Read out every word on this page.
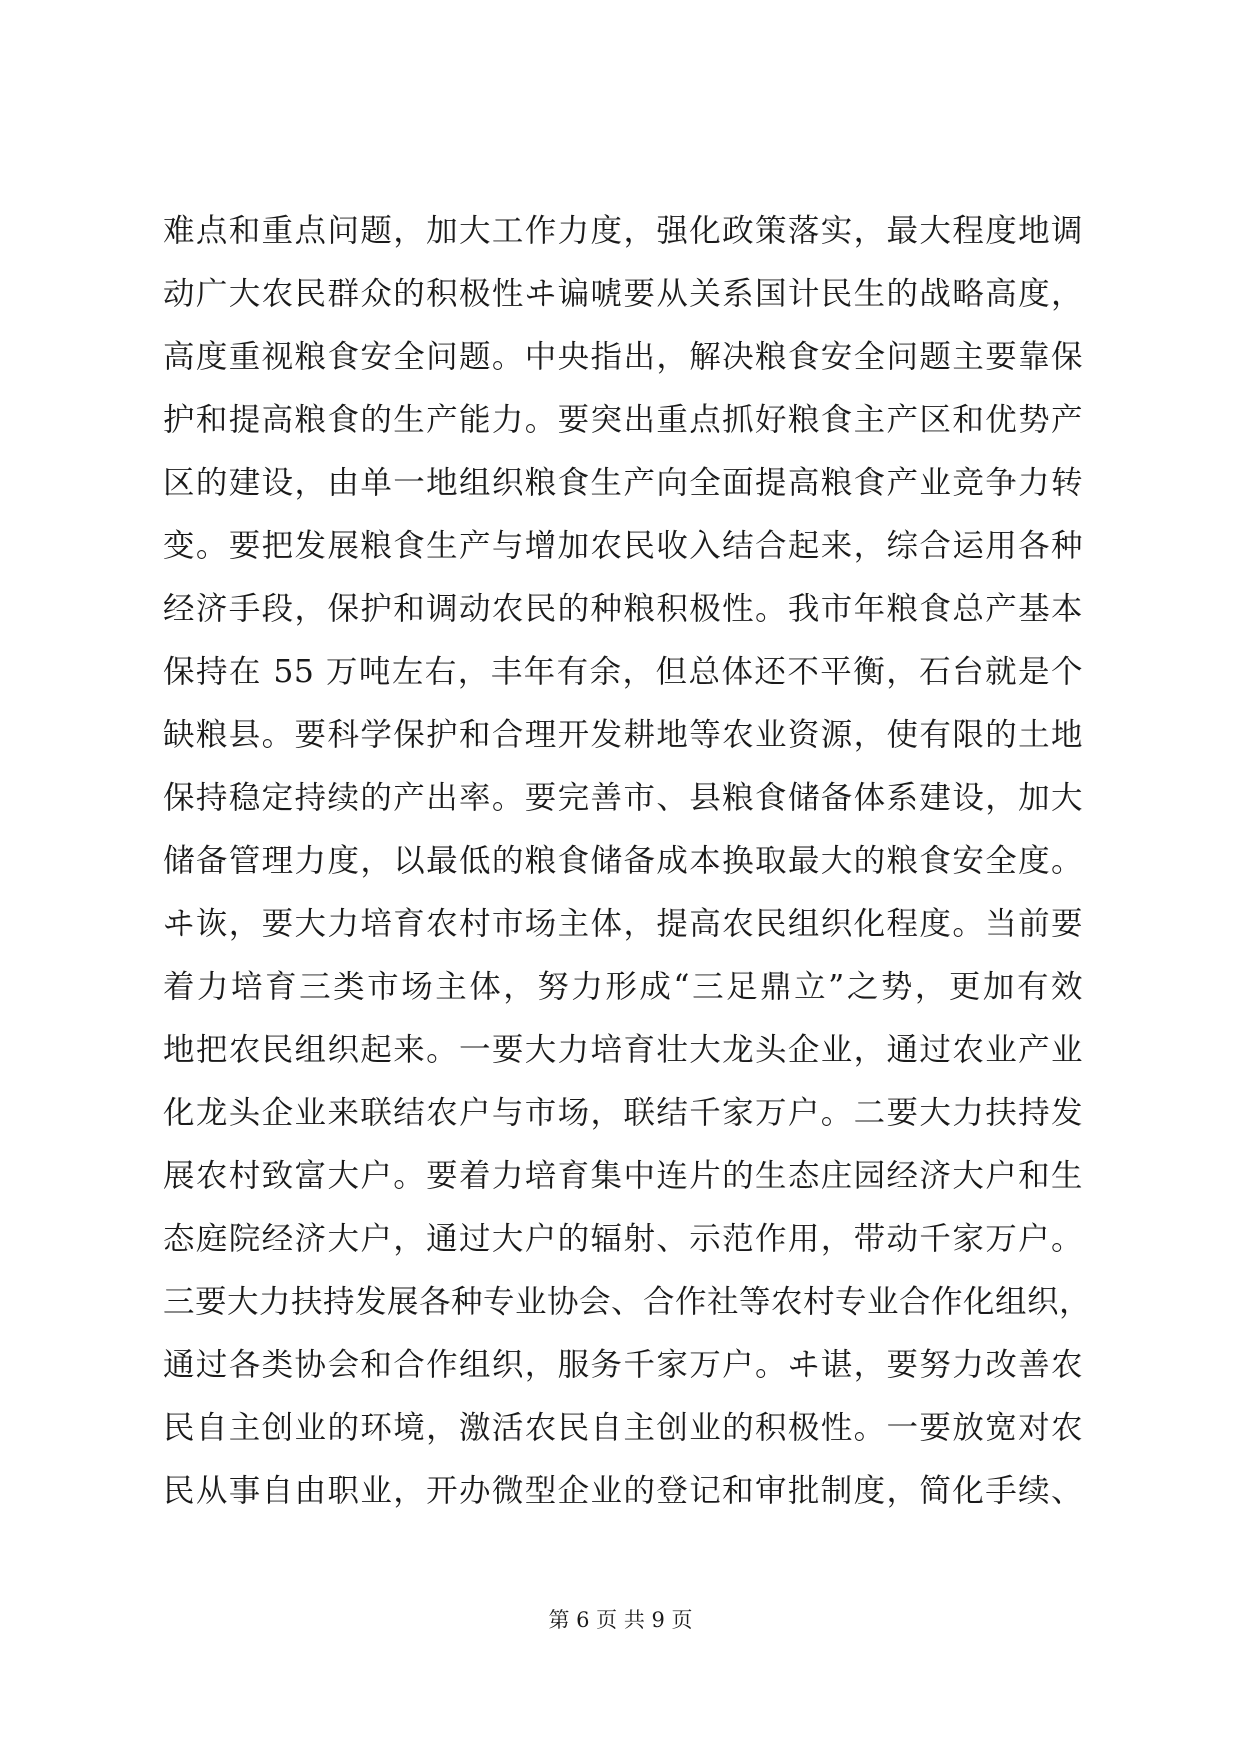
难点和重点问题，加大工作力度，强化政策落实，最大程度地调
动广大农民群众的积极性ヰ谝唬要从关系国计民生的战略高度，
高度重视粮食安全问题。中央指出，解决粮食安全问题主要靠保
护和提高粮食的生产能力。要突出重点抓好粮食主产区和优势产
区的建设，由单一地组织粮食生产向全面提高粮食产业竞争力转
变。要把发展粮食生产与增加农民收入结合起来，综合运用各种
经济手段，保护和调动农民的种粮积极性。我市年粮食总产基本
保持在 55 万吨左右，丰年有余，但总体还不平衡，石台就是个
缺粮县。要科学保护和合理开发耕地等农业资源，使有限的土地
保持稳定持续的产出率。要完善市、县粮食储备体系建设，加大
储备管理力度，以最低的粮食储备成本换取最大的粮食安全度。
ヰ诙，要大力培育农村市场主体，提高农民组织化程度。当前要
着力培育三类市场主体，努力形成“三足鼎立”之势，更加有效
地把农民组织起来。一要大力培育壮大龙头企业，通过农业产业
化龙头企业来联结农户与市场，联结千家万户。二要大力扶持发
展农村致富大户。要着力培育集中连片的生态庄园经济大户和生
态庭院经济大户，通过大户的辐射、示范作用，带动千家万户。
三要大力扶持发展各种专业协会、合作社等农村专业合作化组织，
通过各类协会和合作组织，服务千家万户。ヰ谌，要努力改善农
民自主创业的环境，激活农民自主创业的积极性。一要放宽对农
民从事自由职业，开办微型企业的登记和审批制度，简化手续、
第 6 页 共 9 页
